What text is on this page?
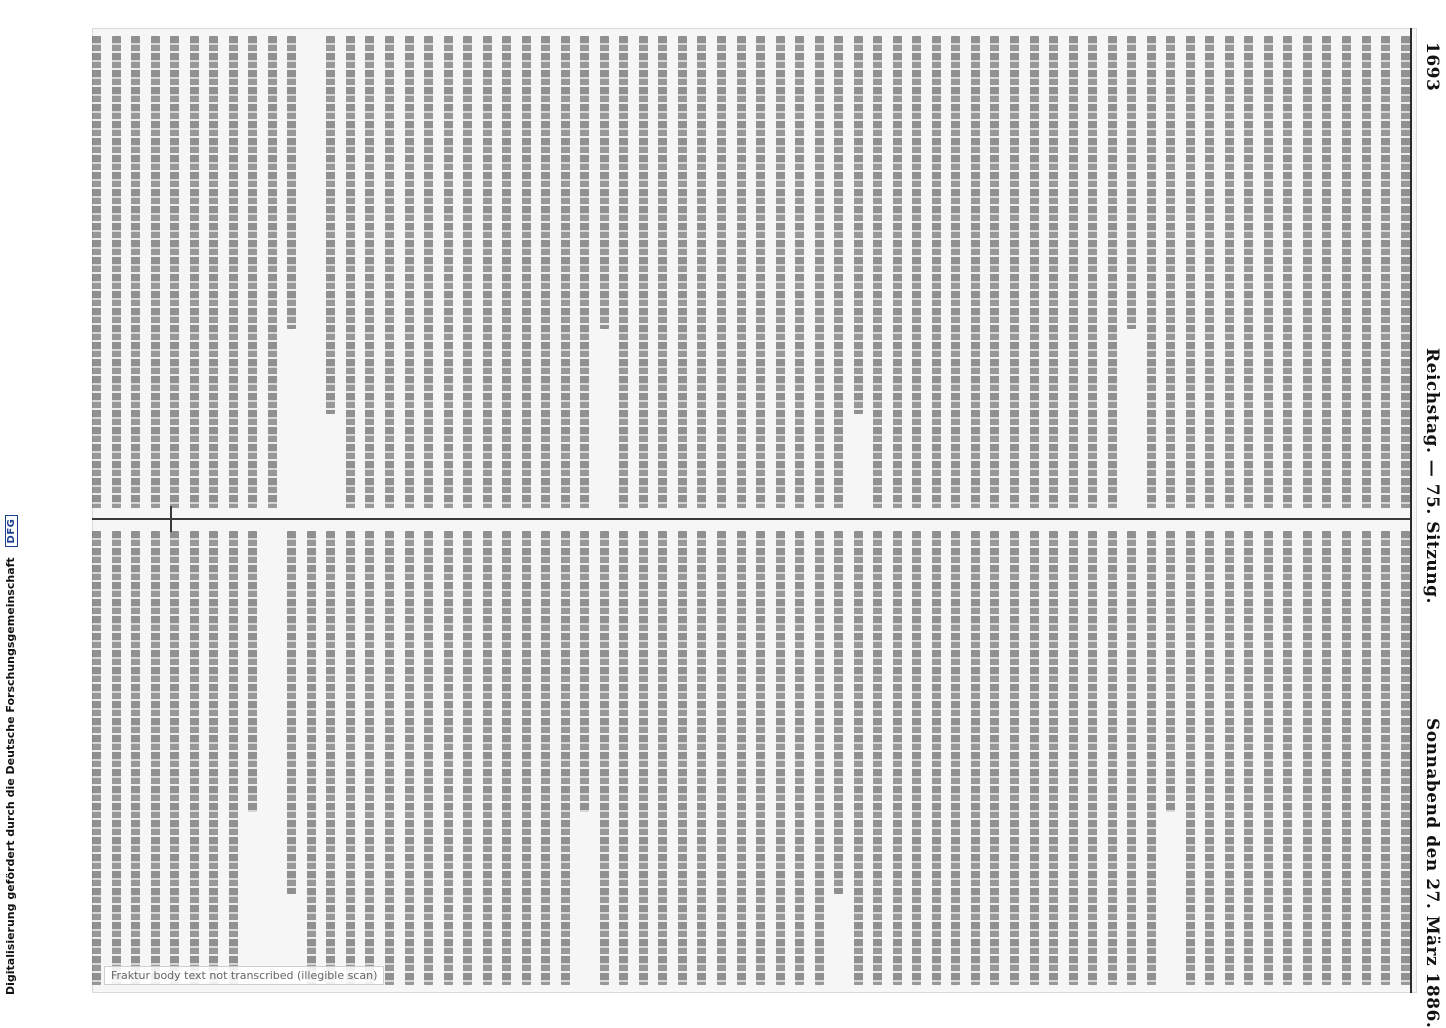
1693
Reichstag. — 75. Sitzung.
Sonnabend den 27. März 1886.
Fraktur body text not transcribed (illegible scan)
Digitalisierung gefördert durch die Deutsche Forschungsgemeinschaft DFG
